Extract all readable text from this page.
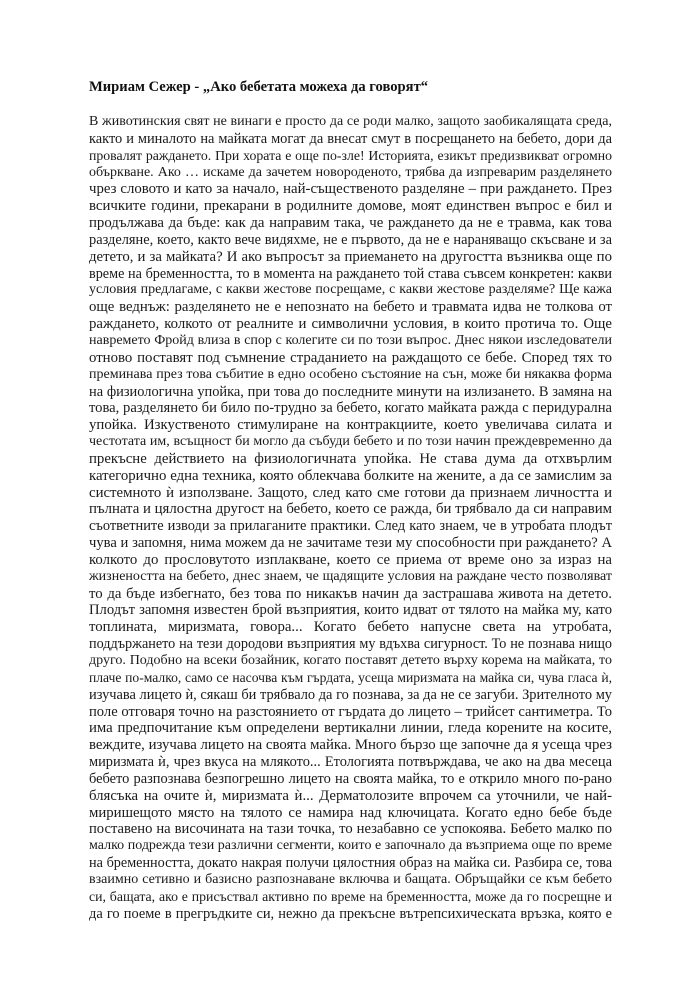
Мириам Сежер - „Ако бебетата можеха да говорят“
В животинския свят не винаги е просто да се роди малко, защото заобикалящата среда,
както и миналото на майката могат да внесат смут в посрещането на бебето, дори да
провалят раждането. При хората е още по-зле! Историята, езикът предизвикват огромно
объркване. Ако … искаме да зачетем новороденото, трябва да изпреварим разделянето
чрез словото и като за начало, най-същественото разделяне – при раждането. През
всичките години, прекарани в родилните домове, моят единствен въпрос е бил и
продължава да бъде: как да направим така, че раждането да не е травма, как това
разделяне, което, както вече видяхме, не е първото, да не е нараняващо скъсване и за
детето, и за майката? И ако въпросът за приемането на другостта възниква още по
време на бременността, то в момента на раждането той става съвсем конкретен: какви
условия предлагаме, с какви жестове посрещаме, с какви жестове разделяме? Ще кажа
още веднъж: разделянето не е непознато на бебето и травмата идва не толкова от
раждането, колкото от реалните и символични условия, в които протича то. Още
навремето Фройд влиза в спор с колегите си по този въпрос. Днес някои изследователи
отново поставят под съмнение страданието на раждащото се бебе. Според тях то
преминава през това събитие в едно особено състояние на сън, може би някаква форма
на физиологична упойка, при това до последните минути на излизането. В замяна на
това, разделянето би било по-трудно за бебето, когато майката ражда с перидурална
упойка. Изкуственото стимулиране на контракциите, което увеличава силата и
честотата им, всъщност би могло да събуди бебето и по този начин преждевременно да
прекъсне действието на физиологичната упойка. Не става дума да отхвърлим
категорично една техника, която облекчава болките на жените, а да се замислим за
системното ѝ използване. Защото, след като сме готови да признаем личността и
пълната и цялостна другост на бебето, което се ражда, би трябвало да си направим
съответните изводи за прилаганите практики. След като знаем, че в утробата плодът
чува и запомня, нима можем да не зачитаме тези му способности при раждането? А
колкото до прословутото изплакване, което се приема от време оно за израз на
жизнеността на бебето, днес знаем, че щадящите условия на раждане често позволяват
то да бъде избегнато, без това по никакъв начин да застрашава живота на детето.
Плодът запомня известен брой възприятия, които идват от тялото на майка му, като
топлината, миризмата, говора... Когато бебето напусне света на утробата,
поддържането на тези дородови възприятия му вдъхва сигурност. То не познава нищо
друго. Подобно на всеки бозайник, когато поставят детето върху корема на майката, то
плаче по-малко, само се насочва към гърдата, усеща миризмата на майка си, чува гласа ѝ,
изучава лицето ѝ, сякаш би трябвало да го познава, за да не се загуби. Зрителното му
поле отговаря точно на разстоянието от гърдата до лицето – трийсет сантиметра. То
има предпочитание към определени вертикални линии, гледа корените на косите,
веждите, изучава лицето на своята майка. Много бързо ще започне да я усеща чрез
миризмата ѝ, чрез вкуса на млякото... Етологията потвърждава, че ако на два месеца
бебето разпознава безпогрешно лицето на своята майка, то е открило много по-рано
блясъка на очите ѝ, миризмата ѝ... Дерматолозите впрочем са уточнили, че най-
миришещото място на тялото се намира над ключицата. Когато едно бебе бъде
поставено на височината на тази точка, то незабавно се успокоява. Бебето малко по
малко подрежда тези различни сегменти, които е започнало да възприема още по време
на бременността, докато накрая получи цялостния образ на майка си. Разбира се, това
взаимно сетивно и базисно разпознаване включва и бащата. Обръщайки се към бебето
си, бащата, ако е присъствал активно по време на бременността, може да го посрещне и
да го поеме в прегръдките си, нежно да прекъсне вътрепсихическата връзка, която е
